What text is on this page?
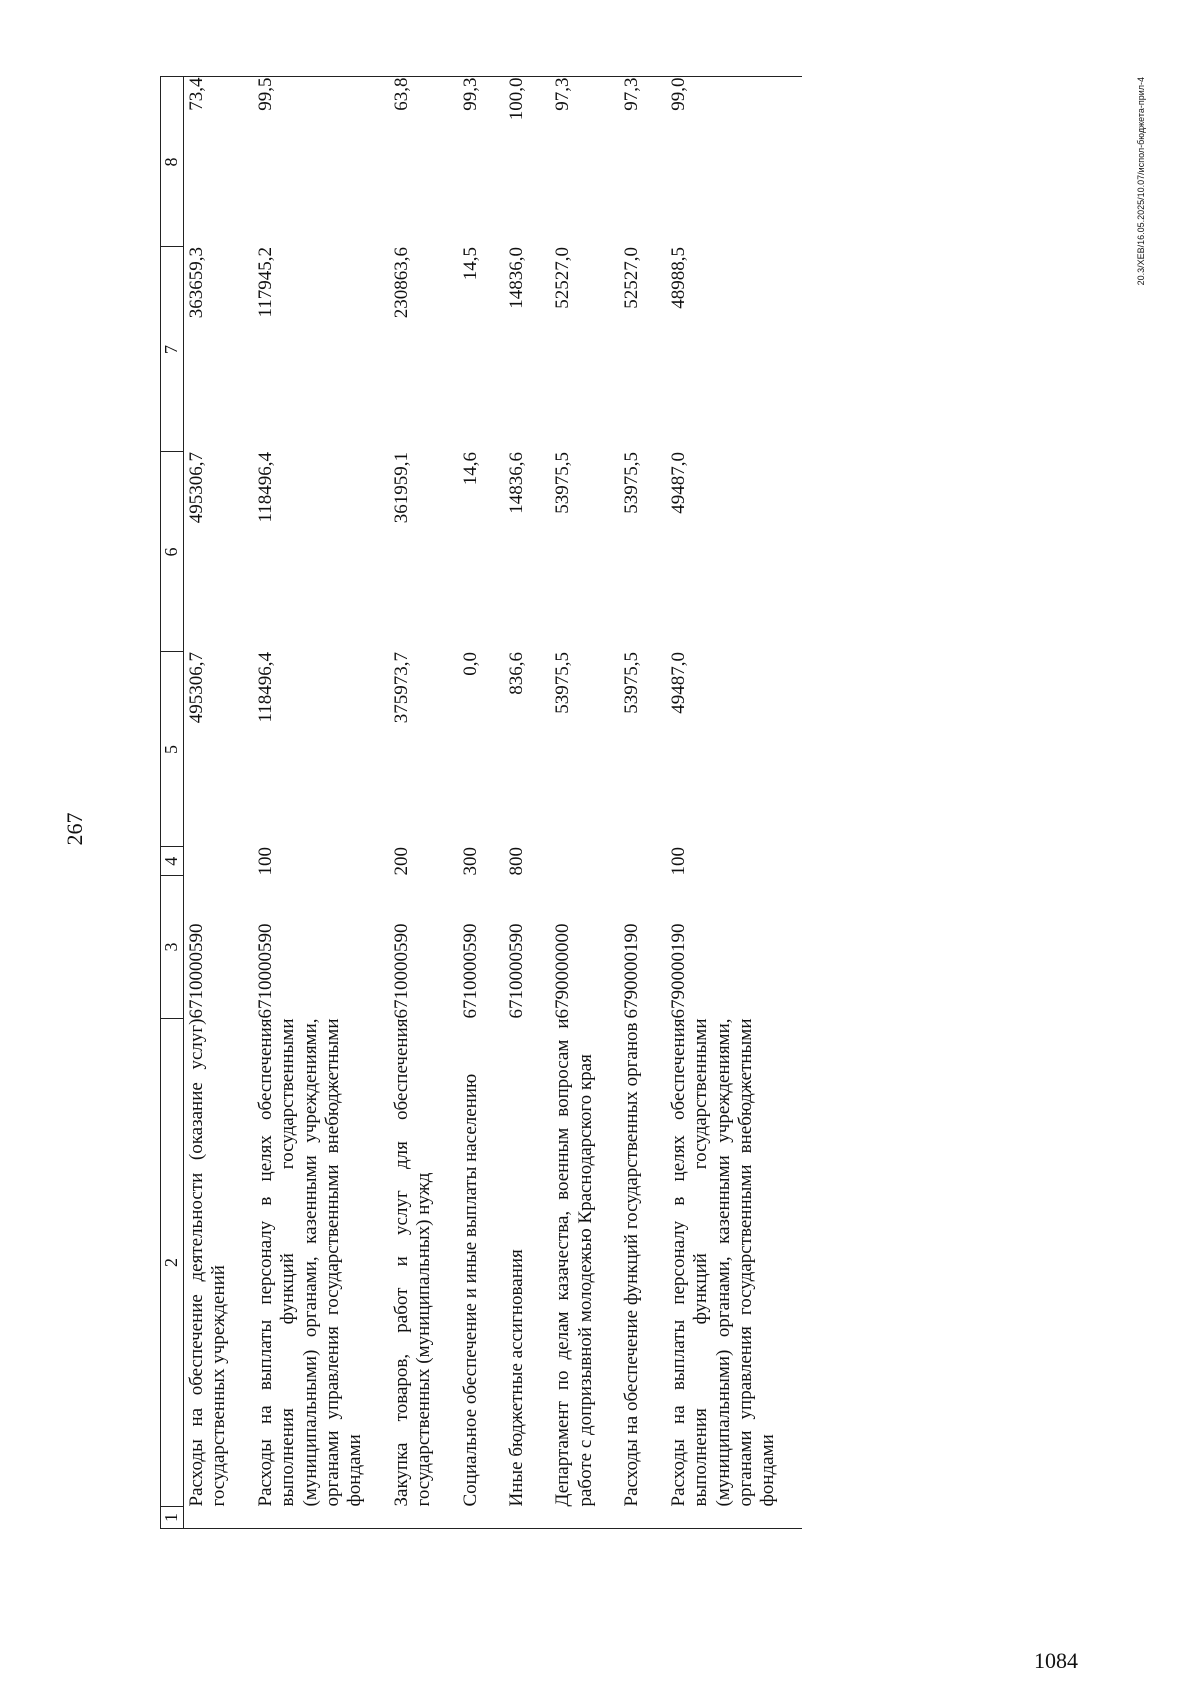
267
1	2	3	4	5	6	7	8
	Расходы на обеспечение деятельности (оказание услуг) государственных учреждений	6710000590		495306,7	495306,7	363659,3	73,4
	Расходы на выплаты персоналу в целях обеспечения выполнения функций государственными (муниципальными) органами, казенными учреждениями, органами управления государственными внебюджетными фондами	6710000590	100	118496,4	118496,4	117945,2	99,5
	Закупка товаров, работ и услуг для обеспечения государственных (муниципальных) нужд	6710000590	200	375973,7	361959,1	230863,6	63,8
	Социальное обеспечение и иные выплаты населению	6710000590	300	0,0	14,6	14,5	99,3
	Иные бюджетные ассигнования	6710000590	800	836,6	14836,6	14836,0	100,0
	Департамент по делам казачества, военным вопросам и работе с допризывной молодежью Краснодарского края	6790000000		53975,5	53975,5	52527,0	97,3
	Расходы на обеспечение функций государственных органов	6790000190		53975,5	53975,5	52527,0	97,3
	Расходы на выплаты персоналу в целях обеспечения выполнения функций государственными (муниципальными) органами, казенными учреждениями, органами управления государственными внебюджетными фондами	6790000190	100	49487,0	49487,0	48988,5	99,0	20.3/ХЕВ/16.05.2025/10.07/испол-бюджета-прил-4
1084
